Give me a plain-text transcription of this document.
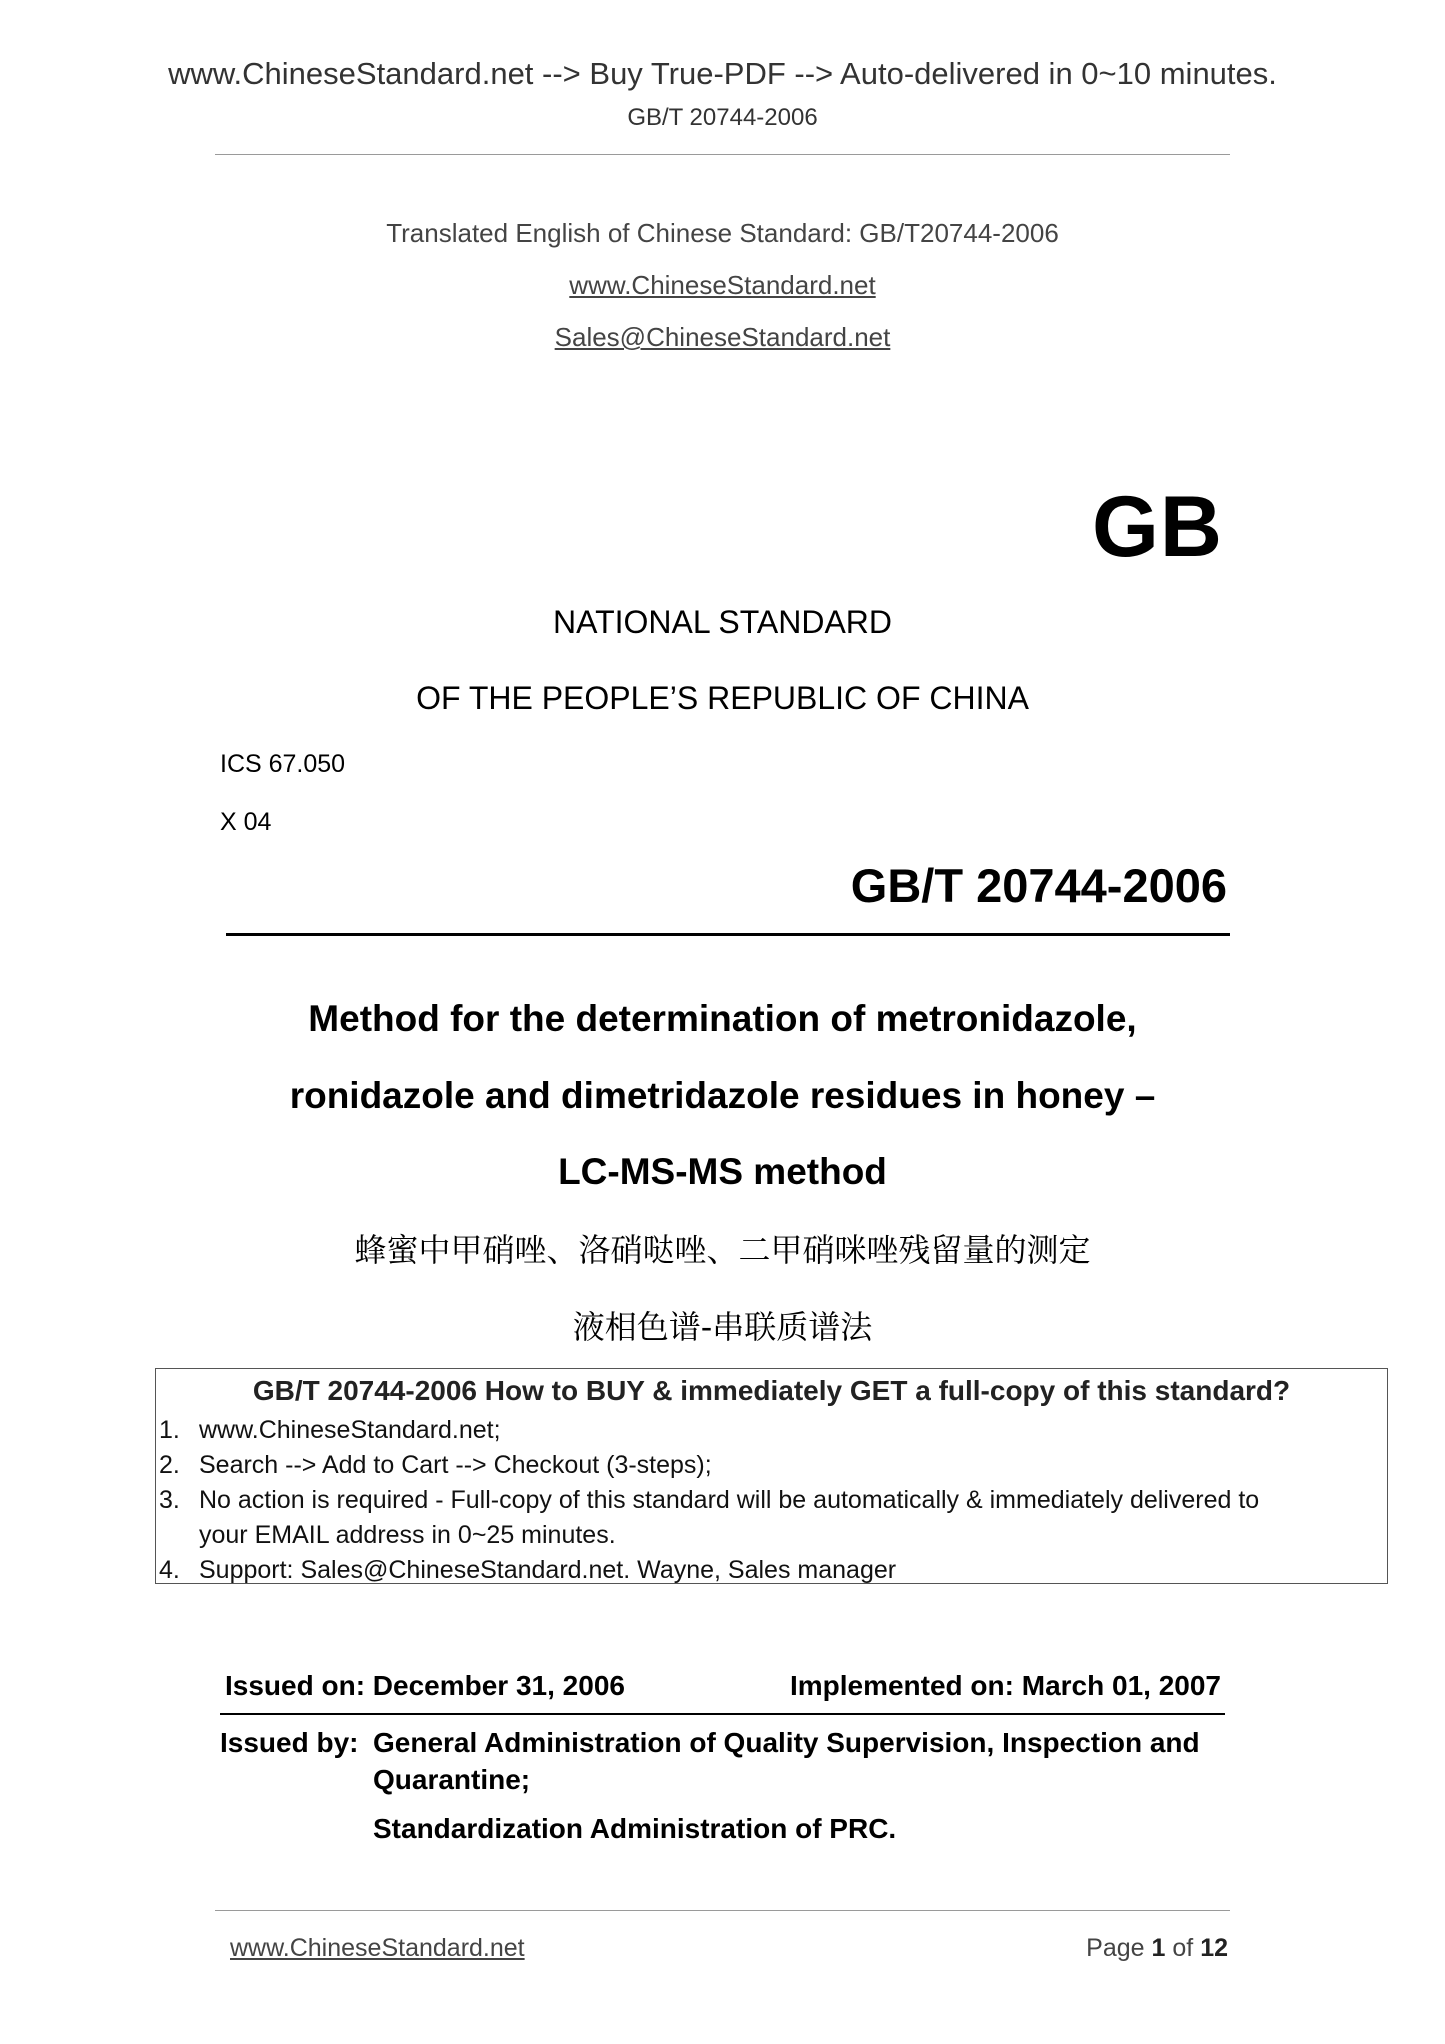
www.ChineseStandard.net --> Buy True-PDF --> Auto-delivered in 0~10 minutes.
GB/T 20744-2006
Translated English of Chinese Standard: GB/T20744-2006
www.ChineseStandard.net
Sales@ChineseStandard.net
GB
NATIONAL STANDARD
OF THE PEOPLE’S REPUBLIC OF CHINA
ICS 67.050
X 04
GB/T 20744-2006
Method for the determination of metronidazole,
ronidazole and dimetridazole residues in honey –
LC-MS-MS method
蜂蜜中甲硝唑、洛硝哒唑、二甲硝咪唑残留量的测定
液相色谱-串联质谱法
GB/T 20744-2006 How to BUY & immediately GET a full-copy of this standard?
1. www.ChineseStandard.net;
2. Search --> Add to Cart --> Checkout (3-steps);
3. No action is required - Full-copy of this standard will be automatically & immediately delivered to
your EMAIL address in 0~25 minutes.
4. Support: Sales@ChineseStandard.net. Wayne, Sales manager
Issued on: December 31, 2006	Implemented on: March 01, 2007
Issued by: General Administration of Quality Supervision, Inspection and
Quarantine;
Standardization Administration of PRC.
www.ChineseStandard.net	Page 1 of 12
